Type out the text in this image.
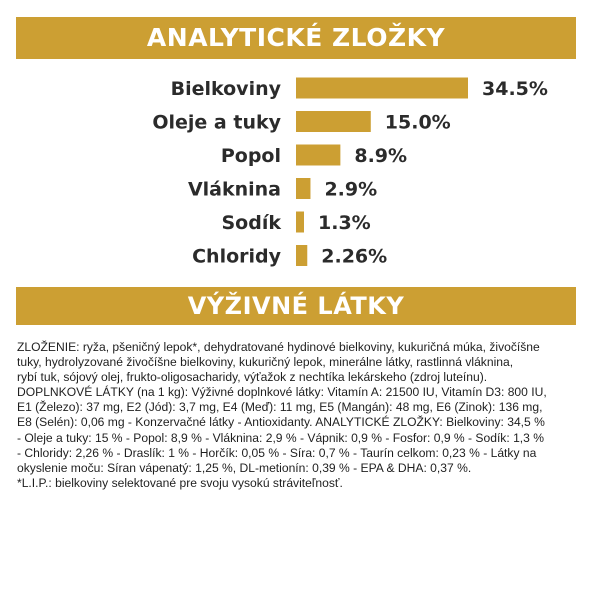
ANALYTICKÉ ZLOŽKY
Bielkoviny	34.5%
Oleje a tuky	15.0%
Popol	8.9%
Vláknina 2.9%
Sodík 1.3%
Chloridy 2.26%
VÝŽIVNÉ LÁTKY
ZLOŽENIE: ryža, pšeničný lepok*, dehydratované hydinové bielkoviny, kukuričná múka, živočíšne
tuky, hydrolyzované živočíšne bielkoviny, kukuričný lepok, minerálne látky, rastlinná vláknina,
rybí tuk, sójový olej, frukto-oligosacharidy, výťažok z nechtíka lekárskeho (zdroj luteínu).
DOPLNKOVÉ LÁTKY (na 1 kg): Výživné doplnkové látky: Vitamín A: 21500 IU, Vitamín D3: 800 IU,
E1 (Železo): 37 mg, E2 (Jód): 3,7 mg, E4 (Meď): 11 mg, E5 (Mangán): 48 mg, E6 (Zinok): 136 mg,
E8 (Selén): 0,06 mg - Konzervačné látky - Antioxidanty. ANALYTICKÉ ZLOŽKY: Bielkoviny: 34,5 %
- Oleje a tuky: 15 % - Popol: 8,9 % - Vláknina: 2,9 % - Vápnik: 0,9 % - Fosfor: 0,9 % - Sodík: 1,3 %
- Chloridy: 2,26 % - Draslík: 1 % - Horčík: 0,05 % - Síra: 0,7 % - Taurín celkom: 0,23 % - Látky na
okyslenie moču: Síran vápenatý: 1,25 %, DL-metionín: 0,39 % - EPA & DHA: 0,37 %.
*L.I.P.: bielkoviny selektované pre svoju vysokú stráviteľnosť.
